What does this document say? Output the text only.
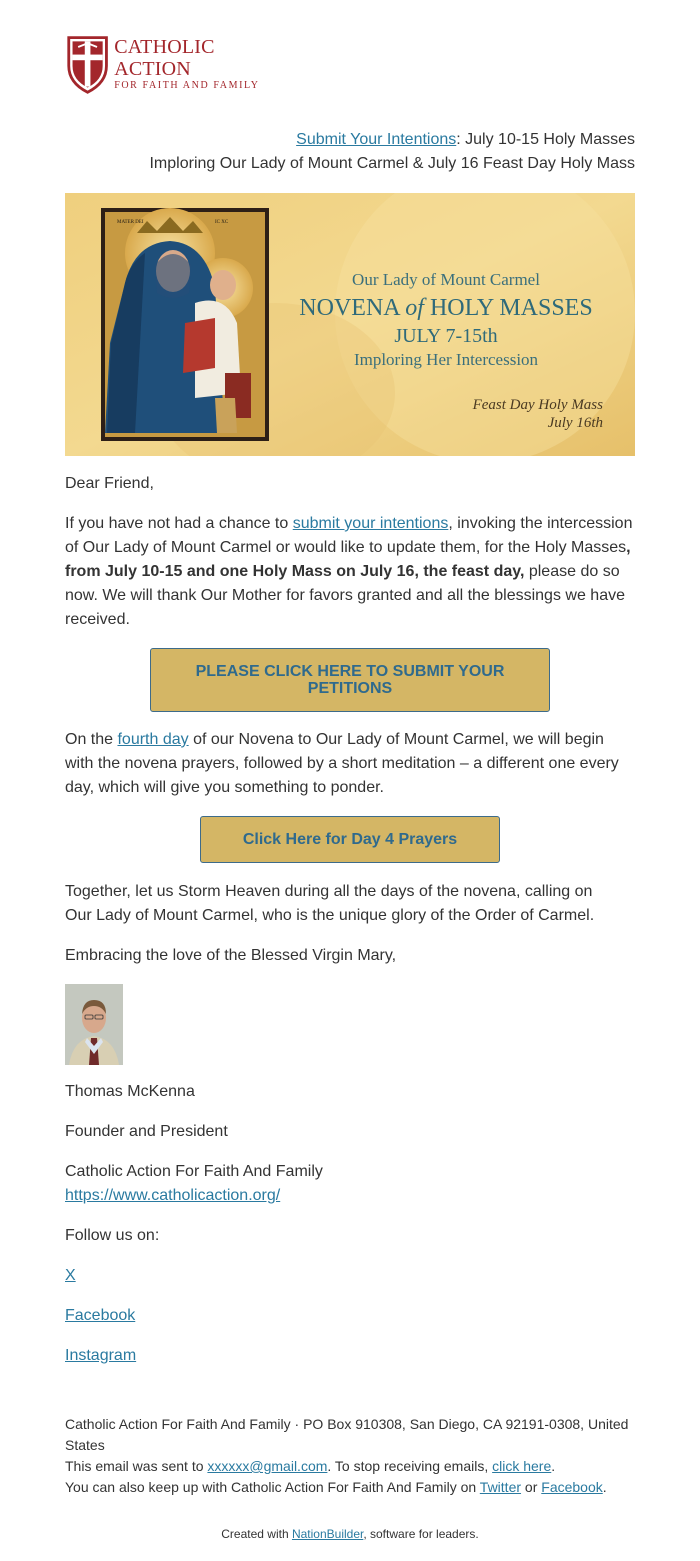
CATHOLIC ACTION
FOR FAITH AND FAMILY

Submit Your Intentions: July 10-15 Holy Masses

Imploring Our Lady of Mount Carmel & July 16 Feast Day Holy Mass

MATER DEI	IC XC
Our Lady of Mount Carmel
NOVENA of HOLY MASSES
JULY 7-15th
Imploring Her Intercession
Feast Day Holy Mass
July 16th

Dear Friend,

If you have not had a chance to submit your intentions, invoking the intercession of Our Lady of Mount Carmel or would like to update them, for the Holy Masses, from July 10-15 and one Holy Mass on July 16, the feast day, please do so now. We will thank Our Mother for favors granted and all the blessings we have received.

PLEASE CLICK HERE TO SUBMIT YOUR PETITIONS

On the fourth day of our Novena to Our Lady of Mount Carmel, we will begin with the novena prayers, followed by a short meditation – a different one every day, which will give you something to ponder.

Click Here for Day 4 Prayers

Together, let us Storm Heaven during all the days of the novena, calling on Our Lady of Mount Carmel, who is the unique glory of the Order of Carmel.

Embracing the love of the Blessed Virgin Mary,

Thomas McKenna

Founder and President

Catholic Action For Faith And Family

https://www.catholicaction.org/

Follow us on:

X

Facebook

Instagram

Catholic Action For Faith And Family · PO Box 910308, San Diego, CA 92191-0308, United States

This email was sent to xxxxxx@gmail.com. To stop receiving emails, click here.

You can also keep up with Catholic Action For Faith And Family on Twitter or Facebook.

Created with NationBuilder, software for leaders.
